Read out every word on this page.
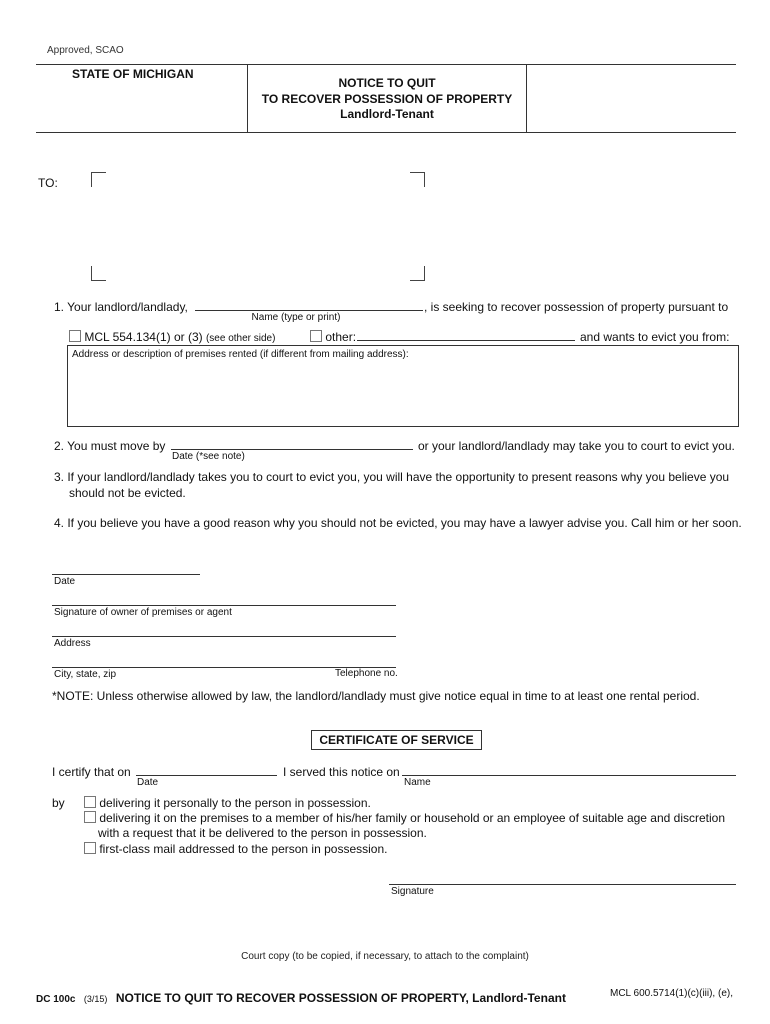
Approved, SCAO
STATE OF MICHIGAN
NOTICE TO QUIT
TO RECOVER POSSESSION OF PROPERTY
Landlord-Tenant
TO:
1. Your landlord/landlady,
Name (type or print)
, is seeking to recover possession of property pursuant to
MCL 554.134(1) or (3) (see other side)	other:	and wants to evict you from:
Address or description of premises rented (if different from mailing address):
2. You must move by
Date (*see note)
or your landlord/landlady may take you to court to evict you.
3. If your landlord/landlady takes you to court to evict you, you will have the opportunity to present reasons why you believe you
should not be evicted.
4. If you believe you have a good reason why you should not be evicted, you may have a lawyer advise you. Call him or her soon.
Date
Signature of owner of premises or agent
Address
City, state, zip	Telephone no.
*NOTE: Unless otherwise allowed by law, the landlord/landlady must give notice equal in time to at least one rental period.
CERTIFICATE OF SERVICE
I certify that on
Date
I served this notice on
Name
by	delivering it personally to the person in possession.
delivering it on the premises to a member of his/her family or household or an employee of suitable age and discretion
with a request that it be delivered to the person in possession.
first-class mail addressed to the person in possession.
Signature
Court copy (to be copied, if necessary, to attach to the complaint)
DC 100c (3/15) NOTICE TO QUIT TO RECOVER POSSESSION OF PROPERTY, Landlord-Tenant	MCL 600.5714(1)(c)(iii), (e),
